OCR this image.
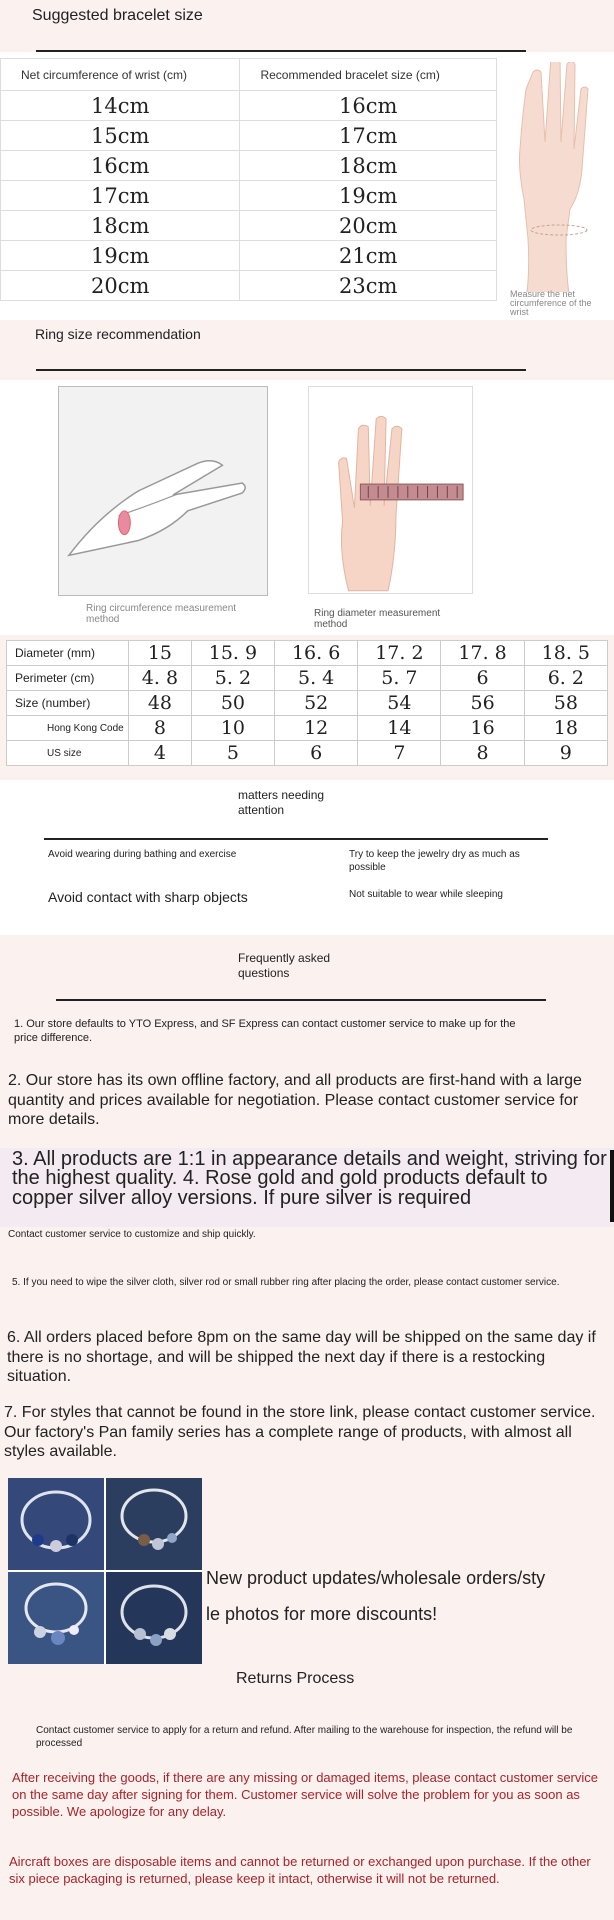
Suggested bracelet size
Net circumference of wrist (cm)	Recommended bracelet size (cm)
14cm	16cm
15cm	17cm
16cm	18cm
17cm	19cm
18cm	20cm
19cm	21cm
20cm	23cm	Measure the net circumference of the wrist
Ring size recommendation
Ring circumference measurement method	Ring diameter measurement method
Diameter (mm)	15	15. 9	16. 6	17. 2	17. 8	18. 5
Perimeter (cm)	4. 8	5. 2	5. 4	5. 7	6	6. 2
Size (number)	48	50	52	54	56	58
Hong Kong Code	8	10	12	14	16	18
US size	4	5	6	7	8	9
matters needing attention
Avoid wearing during bathing and exercise	Try to keep the jewelry dry as much as possible
Avoid contact with sharp objects	Not suitable to wear while sleeping
Frequently asked questions
1. Our store defaults to YTO Express, and SF Express can contact customer service to make up for the price difference.
2. Our store has its own offline factory, and all products are first-hand with a large quantity and prices available for negotiation. Please contact customer service for more details.
3. All products are 1:1 in appearance details and weight, striving for the highest quality. 4. Rose gold and gold products default to copper silver alloy versions. If pure silver is required
Contact customer service to customize and ship quickly.
5. If you need to wipe the silver cloth, silver rod or small rubber ring after placing the order, please contact customer service.
6. All orders placed before 8pm on the same day will be shipped on the same day if there is no shortage, and will be shipped the next day if there is a restocking situation.
7. For styles that cannot be found in the store link, please contact customer service. Our factory's Pan family series has a complete range of products, with almost all styles available.
New product updates/wholesale orders/sty
le photos for more discounts!
Returns Process
Contact customer service to apply for a return and refund. After mailing to the warehouse for inspection, the refund will be processed
After receiving the goods, if there are any missing or damaged items, please contact customer service on the same day after signing for them. Customer service will solve the problem for you as soon as possible. We apologize for any delay.
Aircraft boxes are disposable items and cannot be returned or exchanged upon purchase. If the other six piece packaging is returned, please keep it intact, otherwise it will not be returned.
